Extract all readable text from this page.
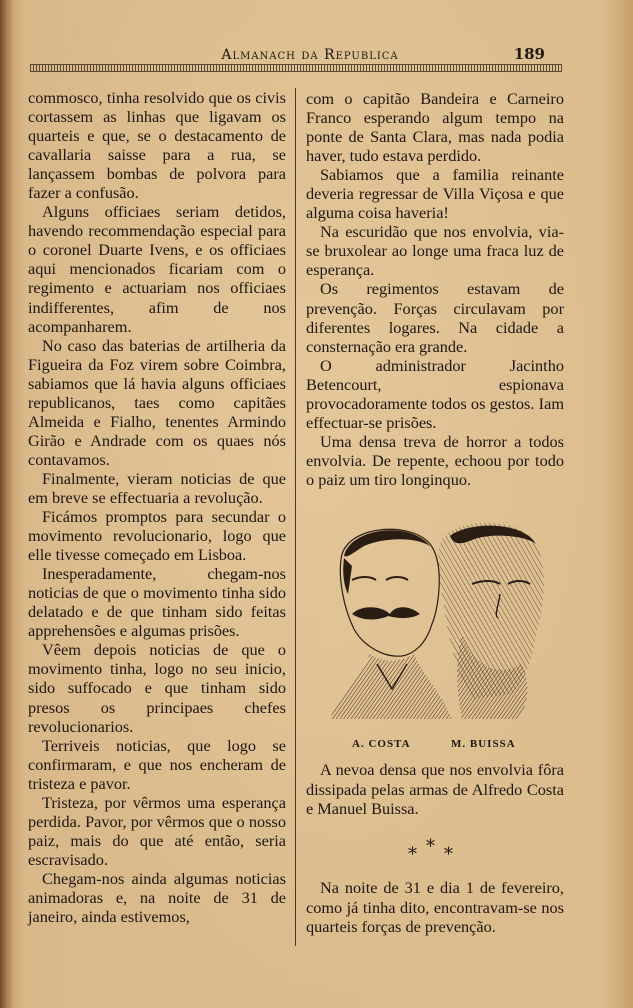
Almanach da Republica	189

commosco, tinha resolvido que os civis cortassem as linhas que ligavam os quarteis e que, se o destacamento de cavallaria saisse para a rua, se lançassem bombas de polvora para fazer a confusão.

Alguns officiaes seriam detidos, havendo recommendação especial para o coronel Duarte Ivens, e os officiaes aqui mencionados ficariam com o regimento e actuariam nos officiaes indifferentes, afim de nos acompanharem.

No caso das baterias de artilheria da Figueira da Foz virem sobre Coimbra, sabiamos que lá havia alguns officiaes republicanos, taes como capitães Almeida e Fialho, tenentes Armindo Girão e Andrade com os quaes nós contavamos.

Finalmente, vieram noticias de que em breve se effectuaria a revolução.

Ficámos promptos para secundar o movimento revolucionario, logo que elle tivesse começado em Lisboa.

Inesperadamente, chegam-nos noticias de que o movimento tinha sido delatado e de que tinham sido feitas apprehensões e algumas prisões.

Vêem depois noticias de que o movimento tinha, logo no seu inicio, sido suffocado e que tinham sido presos os principaes chefes revolucionarios.

Terriveis noticias, que logo se confirmaram, e que nos encheram de tristeza e pavor.

Tristeza, por vêrmos uma esperança perdida. Pavor, por vêrmos que o nosso paiz, mais do que até então, seria escravisado.

Chegam-nos ainda algumas noticias animadoras e, na noite de 31 de janeiro, ainda estivemos,

com o capitão Bandeira e Carneiro Franco esperando algum tempo na ponte de Santa Clara, mas nada podia haver, tudo estava perdido.

Sabiamos que a familia reinante deveria regressar de Villa Viçosa e que alguma coisa haveria!

Na escuridão que nos envolvia, via-se bruxolear ao longe uma fraca luz de esperança.

Os regimentos estavam de prevenção. Forças circulavam por diferentes logares. Na cidade a consternação era grande.

O administrador Jacintho Betencourt, espionava provocadoramente todos os gestos. Iam effectuar-se prisões.

Uma densa treva de horror a todos envolvia. De repente, echoou por todo o paiz um tiro longinquo.

A. COSTA	M. BUISSA

A nevoa densa que nos envolvia fôra dissipada pelas armas de Alfredo Costa e Manuel Buissa.

* * *

Na noite de 31 e dia 1 de fevereiro, como já tinha dito, encontravam-se nos quarteis forças de prevenção.
